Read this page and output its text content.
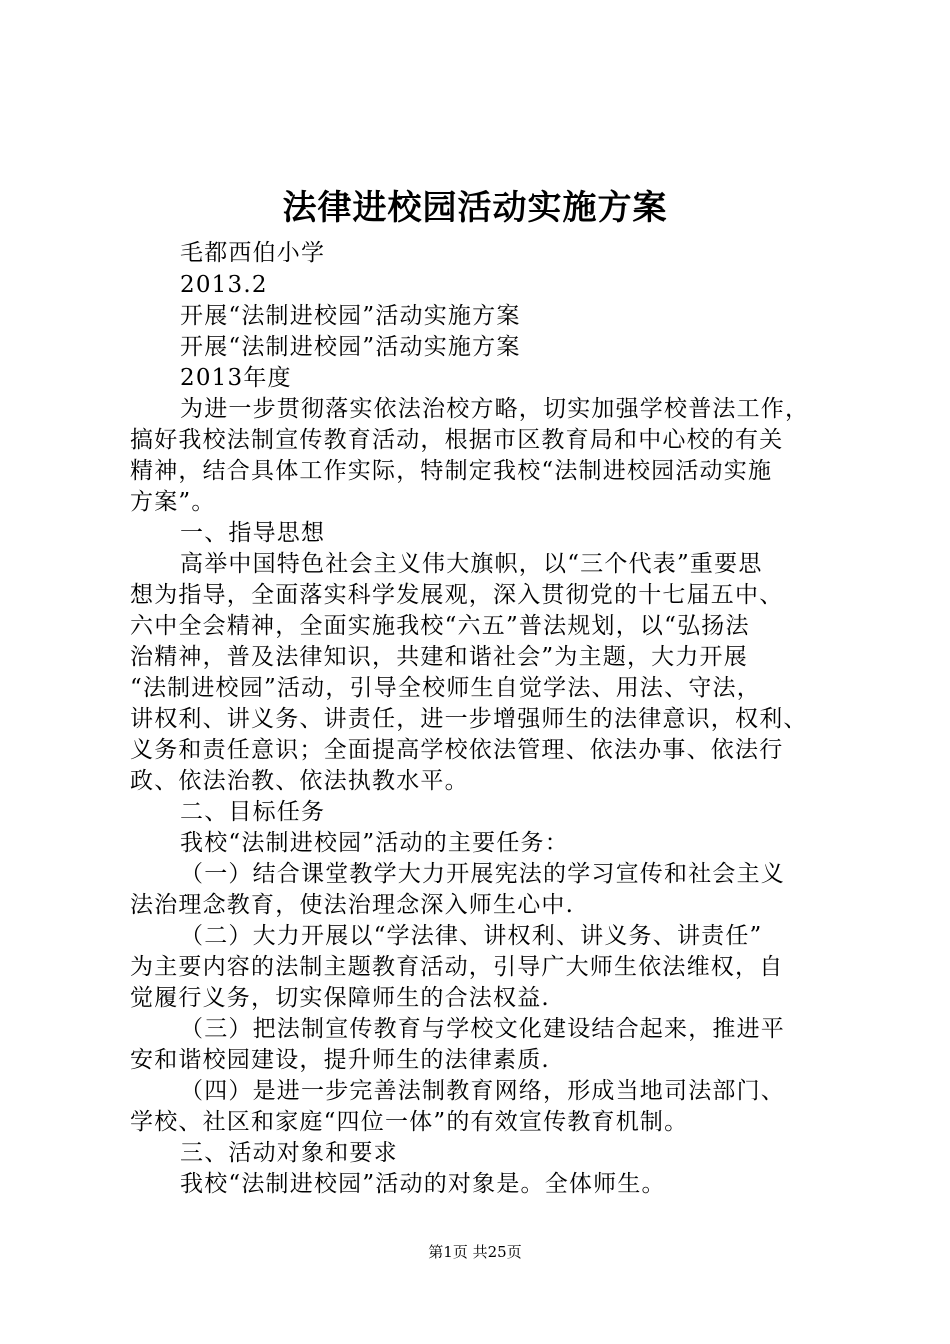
法律进校园活动实施方案
毛都西伯小学
2013.2
开展“法制进校园”活动实施方案
开展“法制进校园”活动实施方案
2013年度
为进一步贯彻落实依法治校方略，切实加强学校普法工作，
搞好我校法制宣传教育活动，根据市区教育局和中心校的有关
精神，结合具体工作实际，特制定我校“法制进校园活动实施
方案”。
一、指导思想
高举中国特色社会主义伟大旗帜，以“三个代表”重要思
想为指导，全面落实科学发展观，深入贯彻党的十七届五中、
六中全会精神，全面实施我校“六五”普法规划，以“弘扬法
治精神，普及法律知识，共建和谐社会”为主题，大力开展
“法制进校园”活动，引导全校师生自觉学法、用法、守法，
讲权利、讲义务、讲责任，进一步增强师生的法律意识，权利、
义务和责任意识；全面提高学校依法管理、依法办事、依法行
政、依法治教、依法执教水平。
二、目标任务
我校“法制进校园”活动的主要任务：
（一）结合课堂教学大力开展宪法的学习宣传和社会主义
法治理念教育，使法治理念深入师生心中.
（二）大力开展以“学法律、讲权利、讲义务、讲责任”
为主要内容的法制主题教育活动，引导广大师生依法维权，自
觉履行义务，切实保障师生的合法权益.
（三）把法制宣传教育与学校文化建设结合起来，推进平
安和谐校园建设，提升师生的法律素质.
（四）是进一步完善法制教育网络，形成当地司法部门、
学校、社区和家庭“四位一体”的有效宣传教育机制。
三、活动对象和要求
我校“法制进校园”活动的对象是。全体师生。
第1页 共25页
